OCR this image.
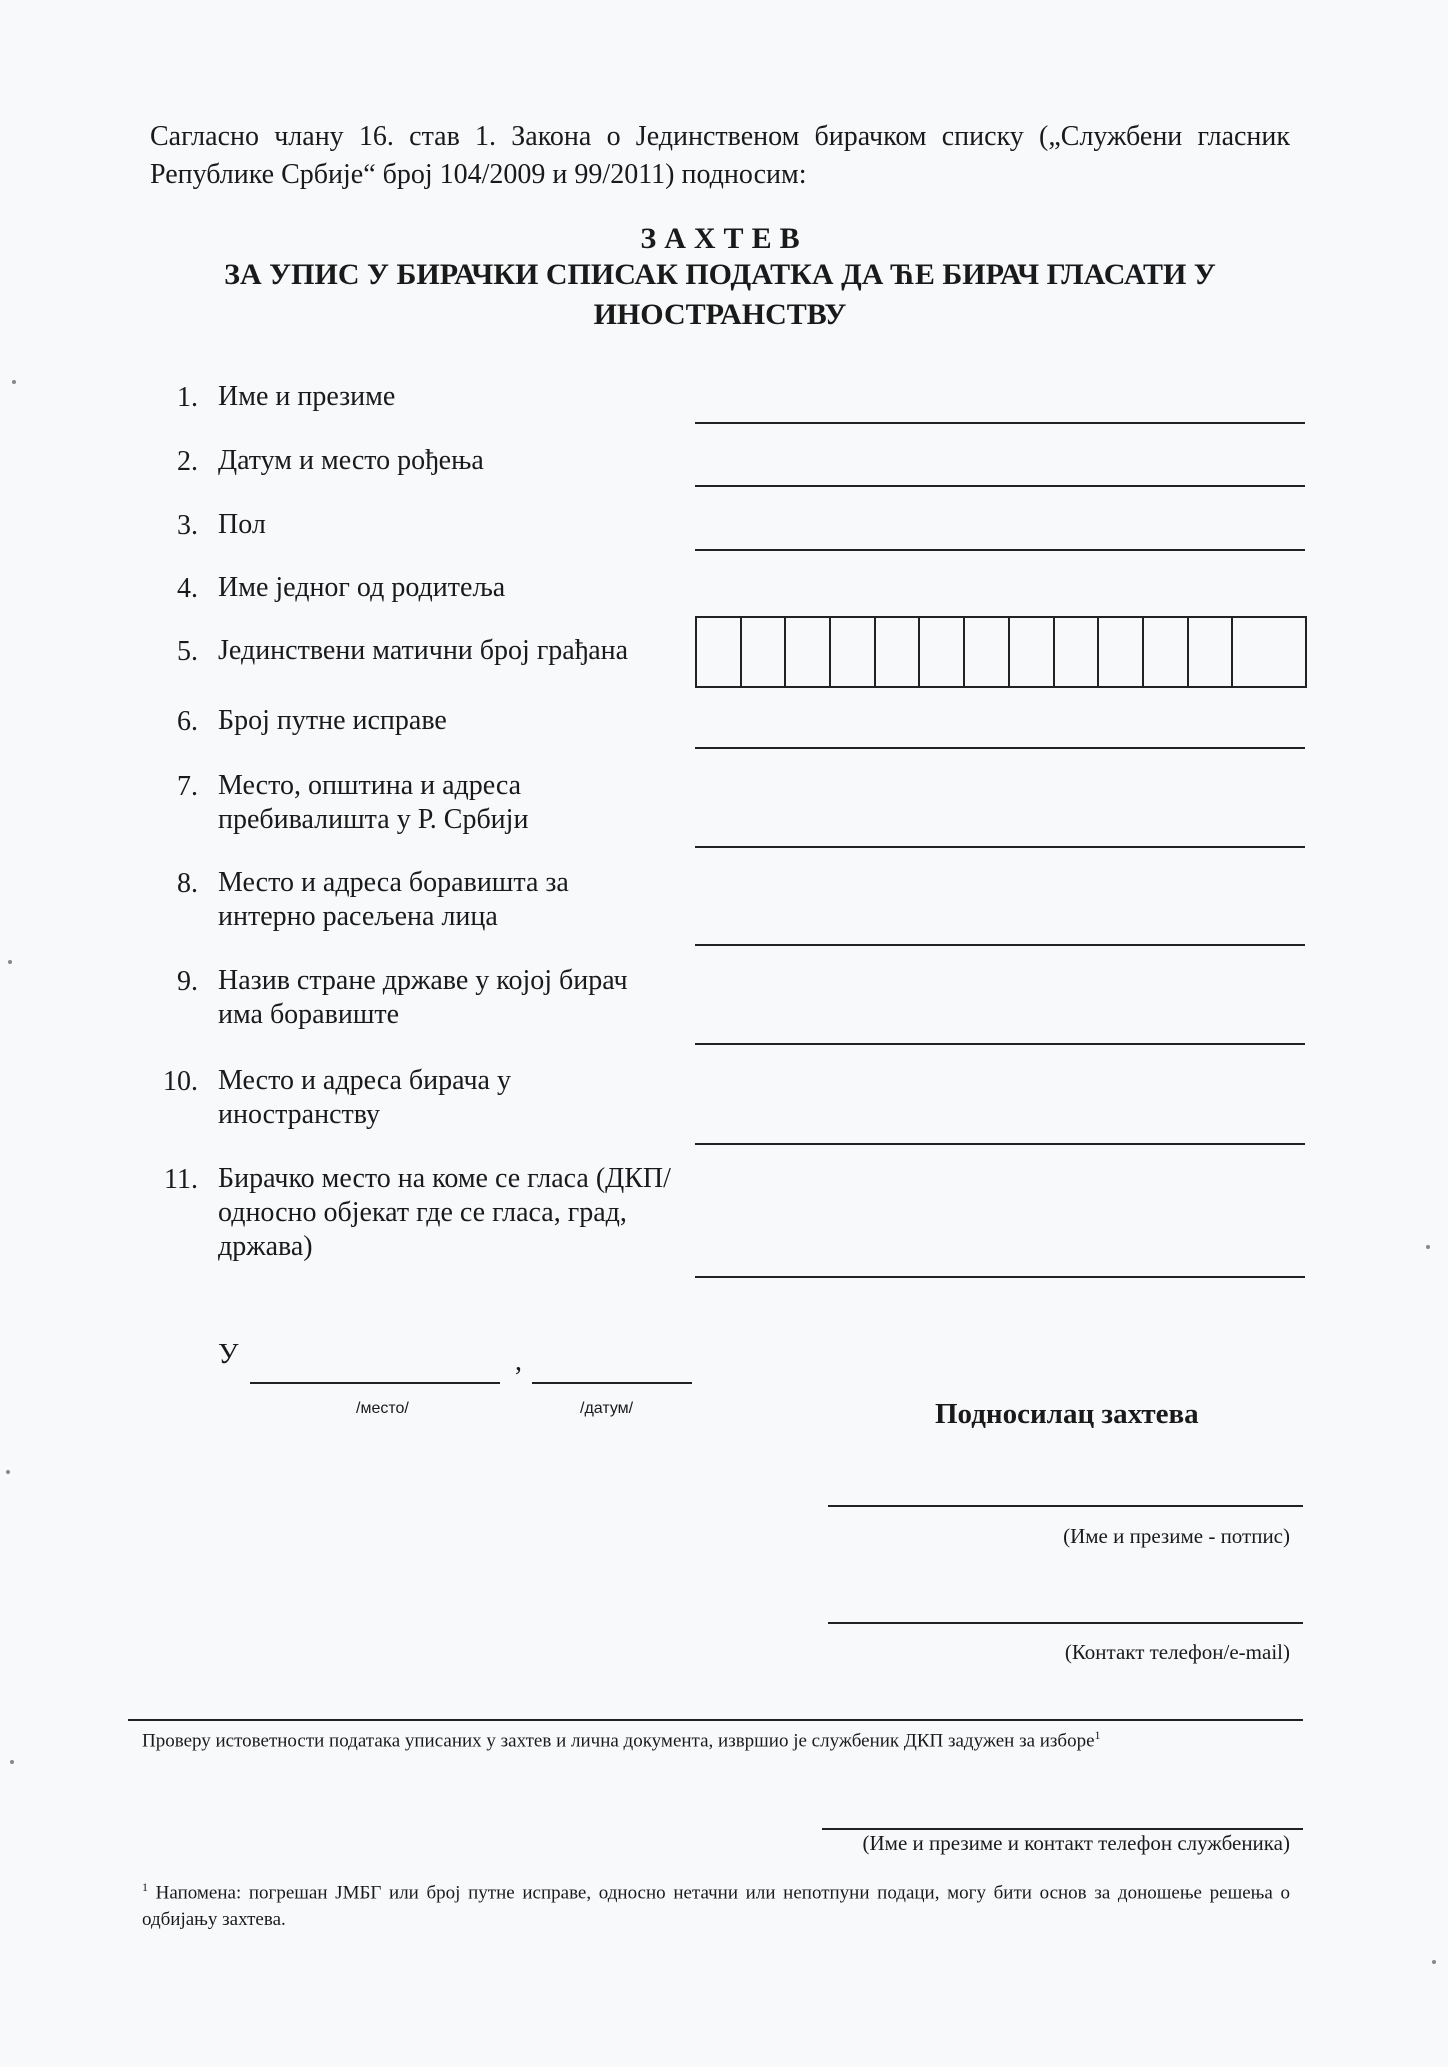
Сагласно члану 16. став 1. Закона о Јединственом бирачком списку („Службени гласник Републике Србије“ број 104/2009 и 99/2011) подносим:
ЗАХТЕВ
ЗА УПИС У БИРАЧКИ СПИСАК ПОДАТКА ДА ЋЕ БИРАЧ ГЛАСАТИ У ИНОСТРАНСТВУ
1. Име и презиме
2. Датум и место рођења
3. Пол
4. Име једног од родитеља
5. Јединствени матични број грађана
6. Број путне исправе
7. Место, општина и адреса пребивалишта у Р. Србији
8. Место и адреса боравишта за интерно расељена лица
9. Назив стране државе у којој бирач има боравиште
10. Место и адреса бирача у иностранству
11. Бирачко место на коме се гласа (ДКП/односно објекат где се гласа, град, држава)
У	,
/место/	/датум/	Подносилац захтева
(Име и презиме - потпис)
(Контакт телефон/e-mail)
Проверу истоветности података уписаних у захтев и лична документа, извршио је службеник ДКП задужен за изборе$^1$
(Име и презиме и контакт телефон службеника)
$^1$ Напомена: погрешан ЈМБГ или број путне исправе, односно нетачни или непотпуни подаци, могу бити основ за доношење решења о одбијању захтева.
